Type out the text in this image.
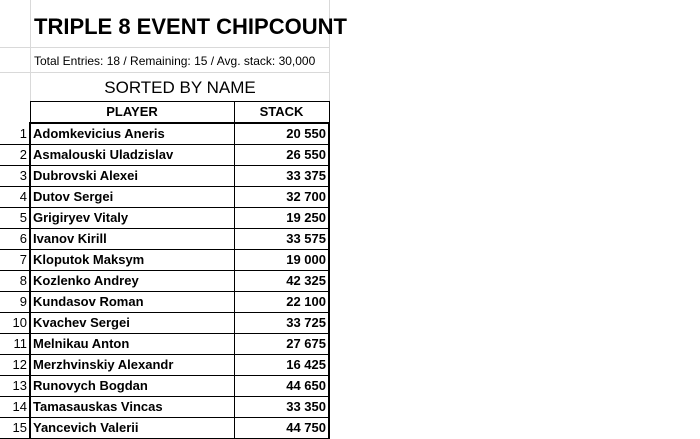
TRIPLE 8 EVENT CHIPCOUNT
Total Entries: 18 / Remaining: 15 / Avg. stack: 30,000
SORTED BY NAME
	PLAYER	STACK
1	Adomkevicius Aneris	20 550
2	Asmalouski Uladzislav	26 550
3	Dubrovski Alexei	33 375
4	Dutov Sergei	32 700
5	Grigiryev Vitaly	19 250
6	Ivanov Kirill	33 575
7	Kloputok Maksym	19 000
8	Kozlenko Andrey	42 325
9	Kundasov Roman	22 100
10	Kvachev Sergei	33 725
11	Melnikau Anton	27 675
12	Merzhvinskiy Alexandr	16 425
13	Runovych Bogdan	44 650
14	Tamasauskas Vincas	33 350
15	Yancevich Valerii	44 750
